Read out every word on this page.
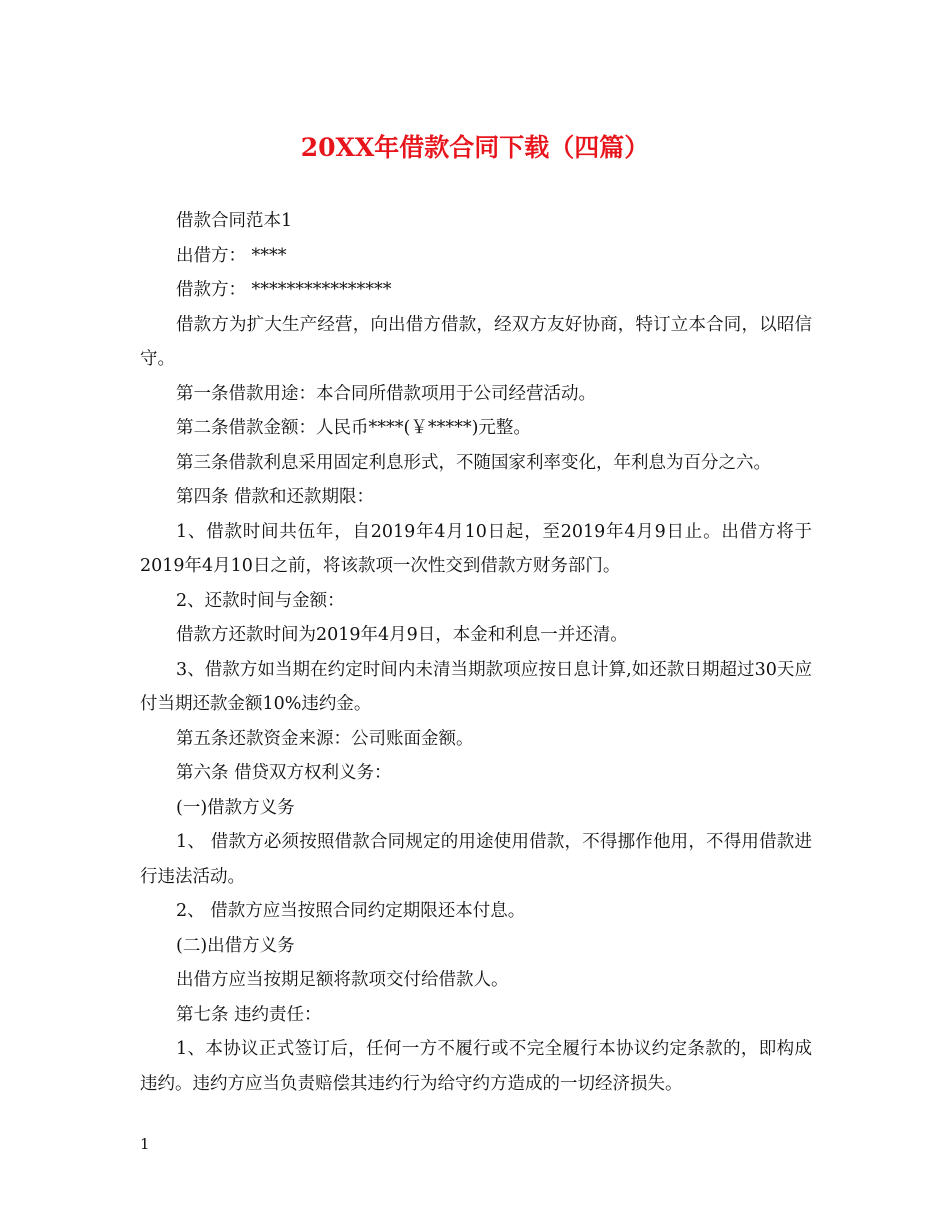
20XX年借款合同下载（四篇）

借款合同范本1

出借方： ****

借款方： ****************

借款方为扩大生产经营，向出借方借款，经双方友好协商，特订立本合同，以昭信守。

第一条借款用途：本合同所借款项用于公司经营活动。

第二条借款金额：人民币****(￥*****)元整。

第三条借款利息采用固定利息形式，不随国家利率变化，年利息为百分之六。

第四条 借款和还款期限：

1、借款时间共伍年，自2019年4月10日起，至2019年4月9日止。出借方将于2019年4月10日之前，将该款项一次性交到借款方财务部门。

2、还款时间与金额：

借款方还款时间为2019年4月9日，本金和利息一并还清。

3、借款方如当期在约定时间内未清当期款项应按日息计算,如还款日期超过30天应付当期还款金额10%违约金。

第五条还款资金来源：公司账面金额。

第六条 借贷双方权利义务：

(一)借款方义务

1、 借款方必须按照借款合同规定的用途使用借款，不得挪作他用，不得用借款进行违法活动。

2、 借款方应当按照合同约定期限还本付息。

(二)出借方义务

出借方应当按期足额将款项交付给借款人。

第七条 违约责任：

1、本协议正式签订后，任何一方不履行或不完全履行本协议约定条款的，即构成违约。违约方应当负责赔偿其违约行为给守约方造成的一切经济损失。

1
